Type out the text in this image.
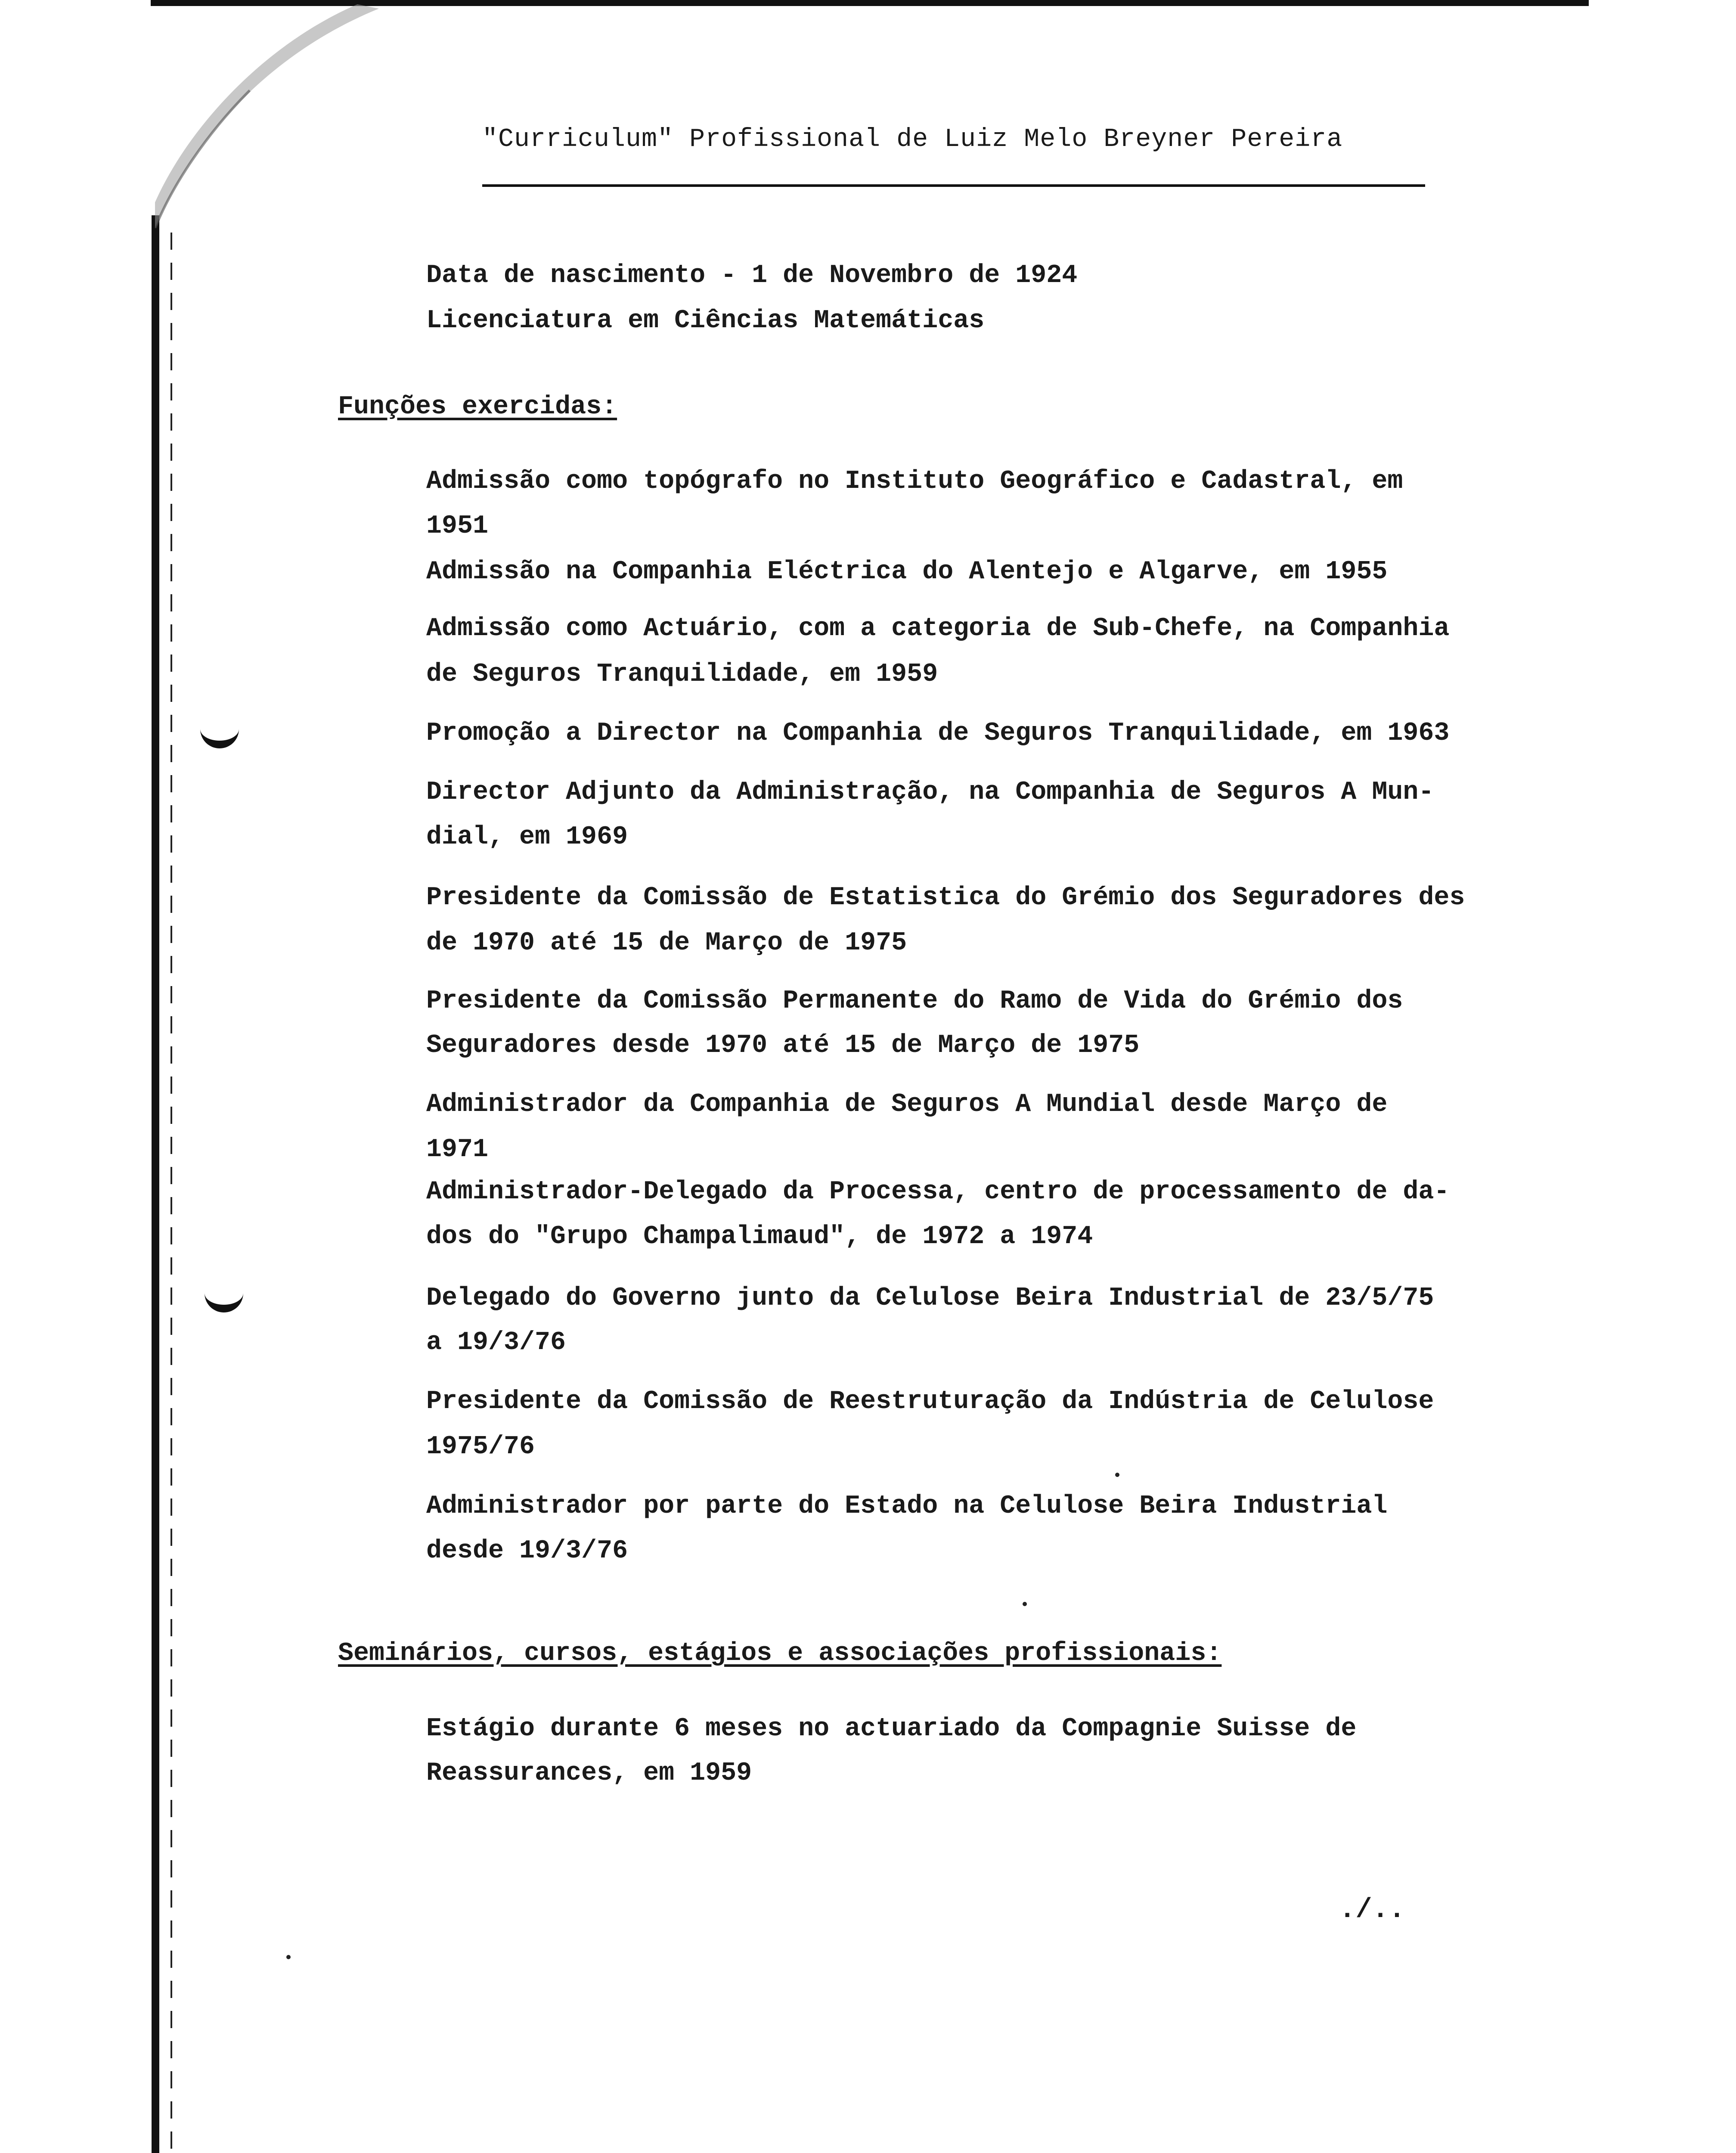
"Curriculum" Profissional de Luiz Melo Breyner Pereira
Data de nascimento - 1 de Novembro de 1924
Licenciatura em Ciências Matemáticas
Funções exercidas:
Admissão como topógrafo no Instituto Geográfico e Cadastral, em
1951
Admissão na Companhia Eléctrica do Alentejo e Algarve, em 1955
Admissão como Actuário, com a categoria de Sub-Chefe, na Companhia
de Seguros Tranquilidade, em 1959
Promoção a Director na Companhia de Seguros Tranquilidade, em 1963
Director Adjunto da Administração, na Companhia de Seguros A Mun-
dial, em 1969
Presidente da Comissão de Estatistica do Grémio dos Seguradores des
de 1970 até 15 de Março de 1975
Presidente da Comissão Permanente do Ramo de Vida do Grémio dos
Seguradores desde 1970 até 15 de Março de 1975
Administrador da Companhia de Seguros A Mundial desde Março de
1971
Administrador-Delegado da Processa, centro de processamento de da-
dos do "Grupo Champalimaud", de 1972 a 1974
Delegado do Governo junto da Celulose Beira Industrial de 23/5/75
a 19/3/76
Presidente da Comissão de Reestruturação da Indústria de Celulose
1975/76
Administrador por parte do Estado na Celulose Beira Industrial
desde 19/3/76
Seminários, cursos, estágios e associações profissionais:
Estágio durante 6 meses no actuariado da Compagnie Suisse de
Reassurances, em 1959
./..
